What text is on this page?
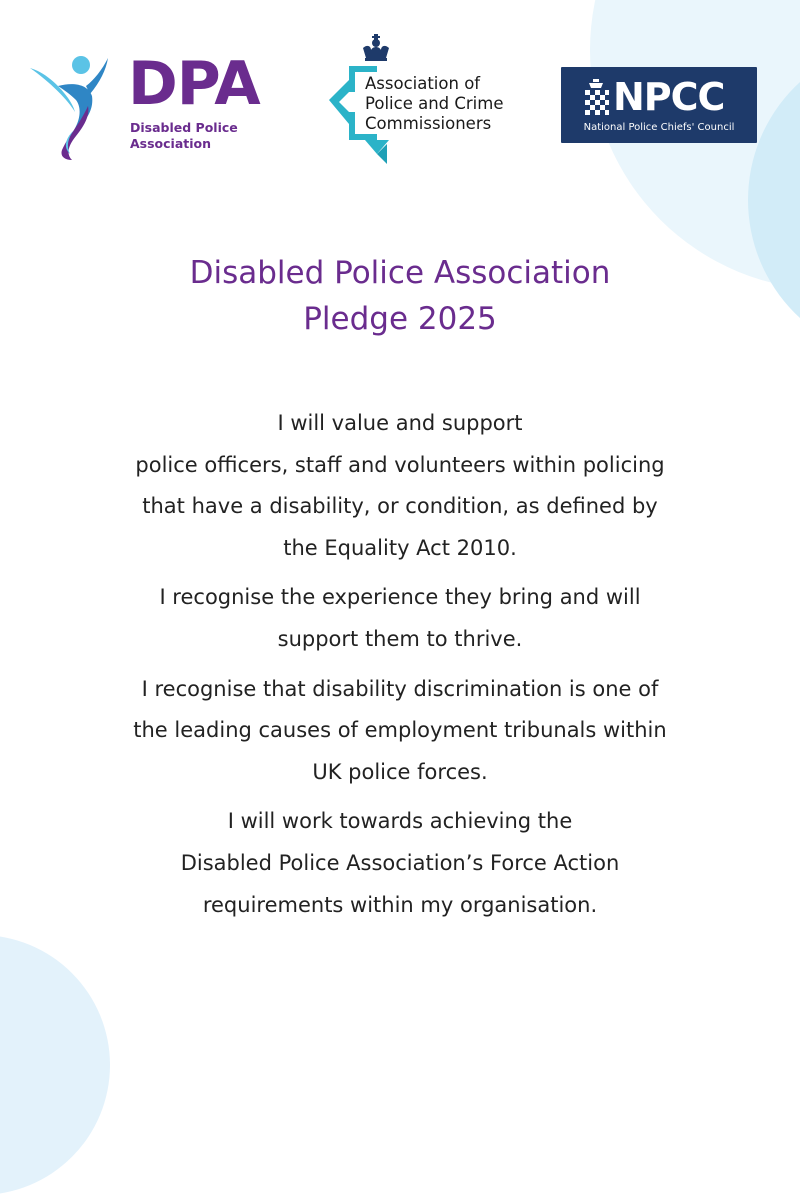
DPA
Disabled Police
Association
Association of
Police and Crime
Commissioners
NPCC
National Police Chiefs' Council
Disabled Police Association
Pledge 2025

I will value and support
police officers, staff and volunteers within policing
that have a disability, or condition, as defined by
the Equality Act 2010.

I recognise the experience they bring and will
support them to thrive.

I recognise that disability discrimination is one of
the leading causes of employment tribunals within
UK police forces.

I will work towards achieving the
Disabled Police Association’s Force Action
requirements within my organisation.
